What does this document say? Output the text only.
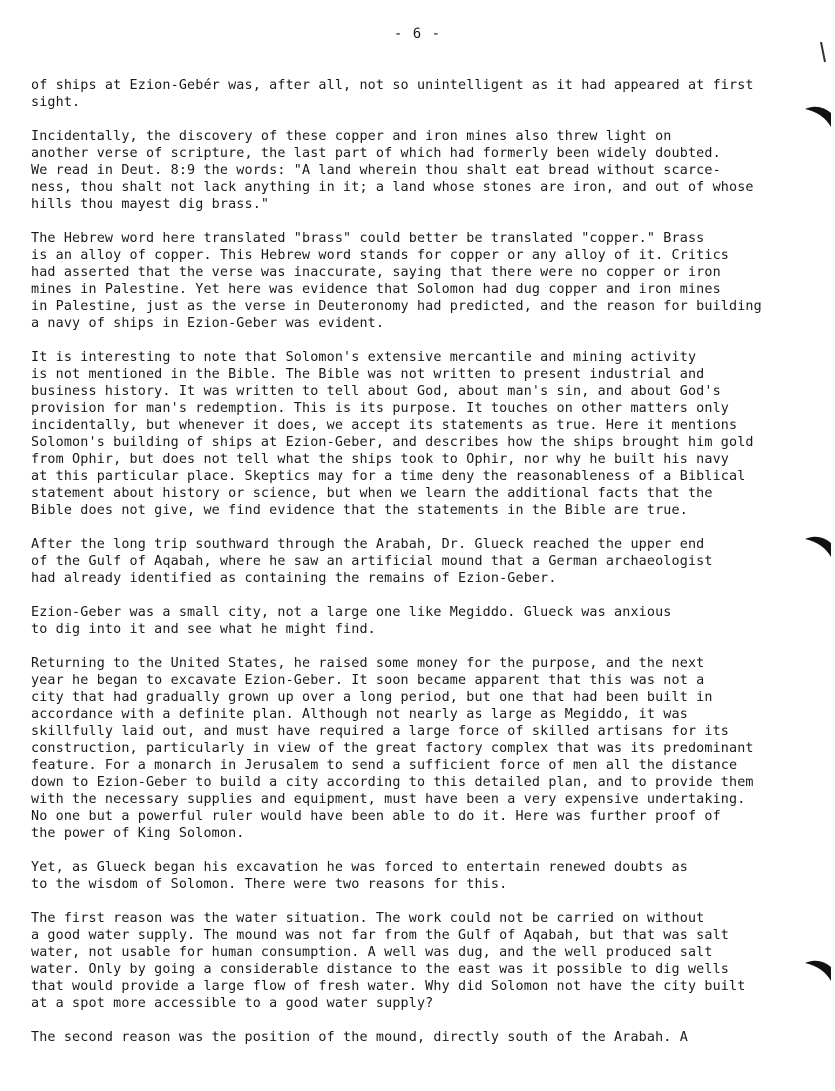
- 6 -

of ships at Ezion-Gebér was, after all, not so unintelligent as it had appeared at first
sight.

Incidentally, the discovery of these copper and iron mines also threw light on
another verse of scripture, the last part of which had formerly been widely doubted.
We read in Deut. 8:9 the words: "A land wherein thou shalt eat bread without scarce-
ness, thou shalt not lack anything in it; a land whose stones are iron, and out of whose
hills thou mayest dig brass."

The Hebrew word here translated "brass" could better be translated "copper." Brass
is an alloy of copper. This Hebrew word stands for copper or any alloy of it. Critics
had asserted that the verse was inaccurate, saying that there were no copper or iron
mines in Palestine. Yet here was evidence that Solomon had dug copper and iron mines
in Palestine, just as the verse in Deuteronomy had predicted, and the reason for building
a navy of ships in Ezion-Geber was evident.

It is interesting to note that Solomon's extensive mercantile and mining activity
is not mentioned in the Bible. The Bible was not written to present industrial and
business history. It was written to tell about God, about man's sin, and about God's
provision for man's redemption. This is its purpose. It touches on other matters only
incidentally, but whenever it does, we accept its statements as true. Here it mentions
Solomon's building of ships at Ezion-Geber, and describes how the ships brought him gold
from Ophir, but does not tell what the ships took to Ophir, nor why he built his navy
at this particular place. Skeptics may for a time deny the reasonableness of a Biblical
statement about history or science, but when we learn the additional facts that the
Bible does not give, we find evidence that the statements in the Bible are true.

After the long trip southward through the Arabah, Dr. Glueck reached the upper end
of the Gulf of Aqabah, where he saw an artificial mound that a German archaeologist
had already identified as containing the remains of Ezion-Geber.

Ezion-Geber was a small city, not a large one like Megiddo. Glueck was anxious
to dig into it and see what he might find.

Returning to the United States, he raised some money for the purpose, and the next
year he began to excavate Ezion-Geber. It soon became apparent that this was not a
city that had gradually grown up over a long period, but one that had been built in
accordance with a definite plan. Although not nearly as large as Megiddo, it was
skillfully laid out, and must have required a large force of skilled artisans for its
construction, particularly in view of the great factory complex that was its predominant
feature. For a monarch in Jerusalem to send a sufficient force of men all the distance
down to Ezion-Geber to build a city according to this detailed plan, and to provide them
with the necessary supplies and equipment, must have been a very expensive undertaking.
No one but a powerful ruler would have been able to do it. Here was further proof of
the power of King Solomon.

Yet, as Glueck began his excavation he was forced to entertain renewed doubts as
to the wisdom of Solomon. There were two reasons for this.

The first reason was the water situation. The work could not be carried on without
a good water supply. The mound was not far from the Gulf of Aqabah, but that was salt
water, not usable for human consumption. A well was dug, and the well produced salt
water. Only by going a considerable distance to the east was it possible to dig wells
that would provide a large flow of fresh water. Why did Solomon not have the city built
at a spot more accessible to a good water supply?

The second reason was the position of the mound, directly south of the Arabah. A
